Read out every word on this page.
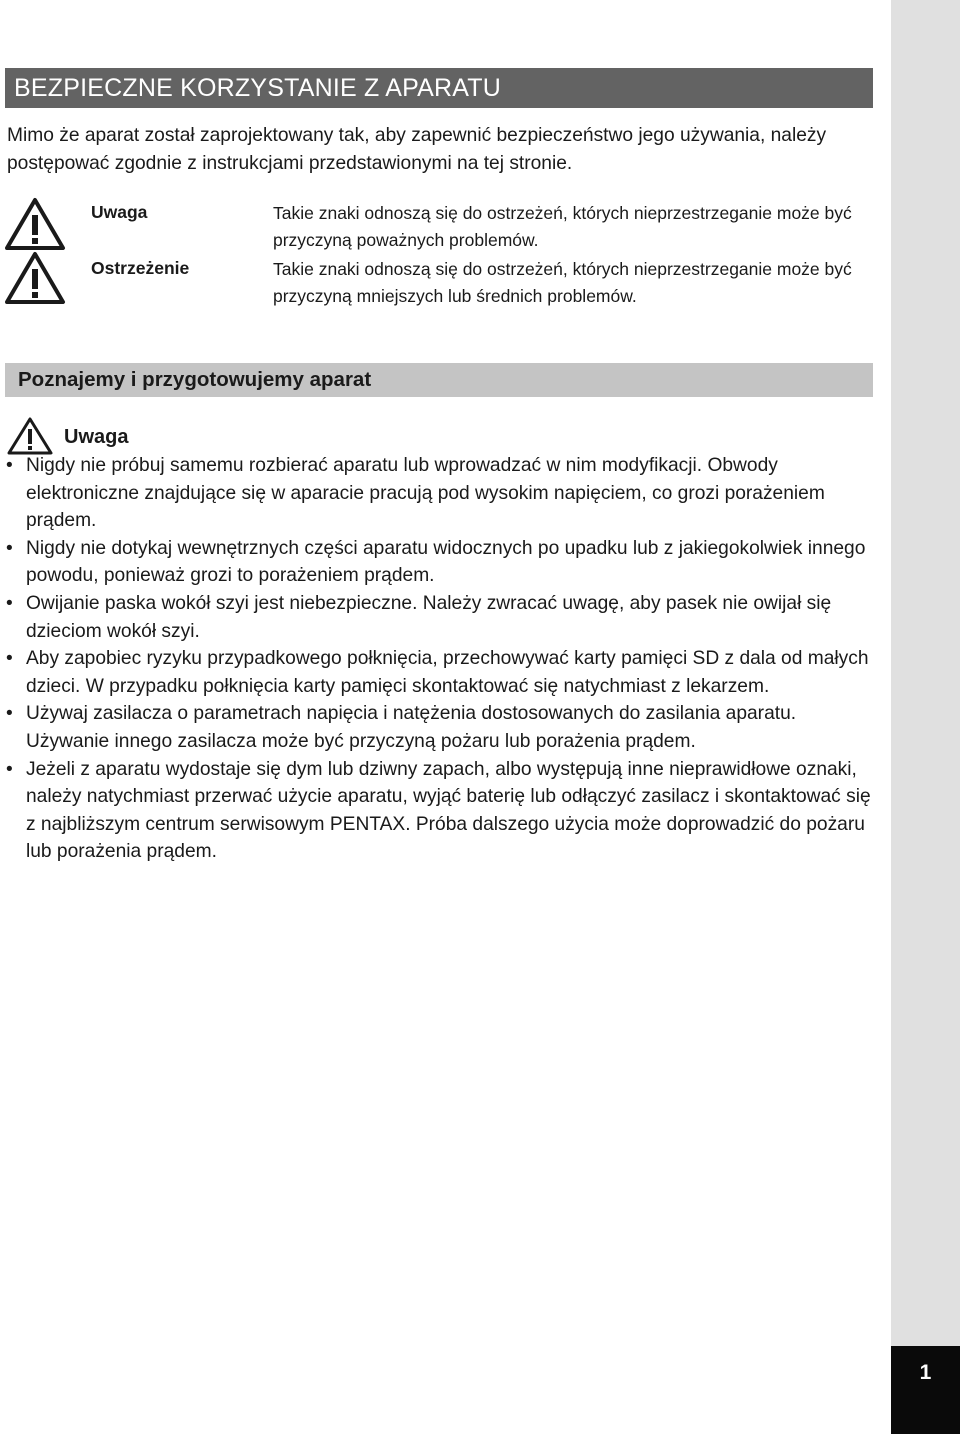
1
BEZPIECZNE KORZYSTANIE Z APARATU

Mimo że aparat został zaprojektowany tak, aby zapewnić bezpieczeństwo jego używania, należy postępować zgodnie z instrukcjami przedstawionymi na tej stronie.

Uwaga	Takie znaki odnoszą się do ostrzeżeń, których nieprzestrzeganie może być przyczyną poważnych problemów.

Ostrzeżenie	Takie znaki odnoszą się do ostrzeżeń, których nieprzestrzeganie może być przyczyną mniejszych lub średnich problemów.

Poznajemy i przygotowujemy aparat
Uwaga
• Nigdy nie próbuj samemu rozbierać aparatu lub wprowadzać w nim modyfikacji. Obwody elektroniczne znajdujące się w aparacie pracują pod wysokim napięciem, co grozi porażeniem prądem.
• Nigdy nie dotykaj wewnętrznych części aparatu widocznych po upadku lub z jakiegokolwiek innego powodu, ponieważ grozi to porażeniem prądem.
• Owijanie paska wokół szyi jest niebezpieczne. Należy zwracać uwagę, aby pasek nie owijał się dzieciom wokół szyi.
• Aby zapobiec ryzyku przypadkowego połknięcia, przechowywać karty pamięci SD z dala od małych dzieci. W przypadku połknięcia karty pamięci skontaktować się natychmiast z lekarzem.
• Używaj zasilacza o parametrach napięcia i natężenia dostosowanych do zasilania aparatu. Używanie innego zasilacza może być przyczyną pożaru lub porażenia prądem.
• Jeżeli z aparatu wydostaje się dym lub dziwny zapach, albo występują inne nieprawidłowe oznaki, należy natychmiast przerwać użycie aparatu, wyjąć baterię lub odłączyć zasilacz i skontaktować się z najbliższym centrum serwisowym PENTAX. Próba dalszego użycia może doprowadzić do pożaru lub porażenia prądem.
